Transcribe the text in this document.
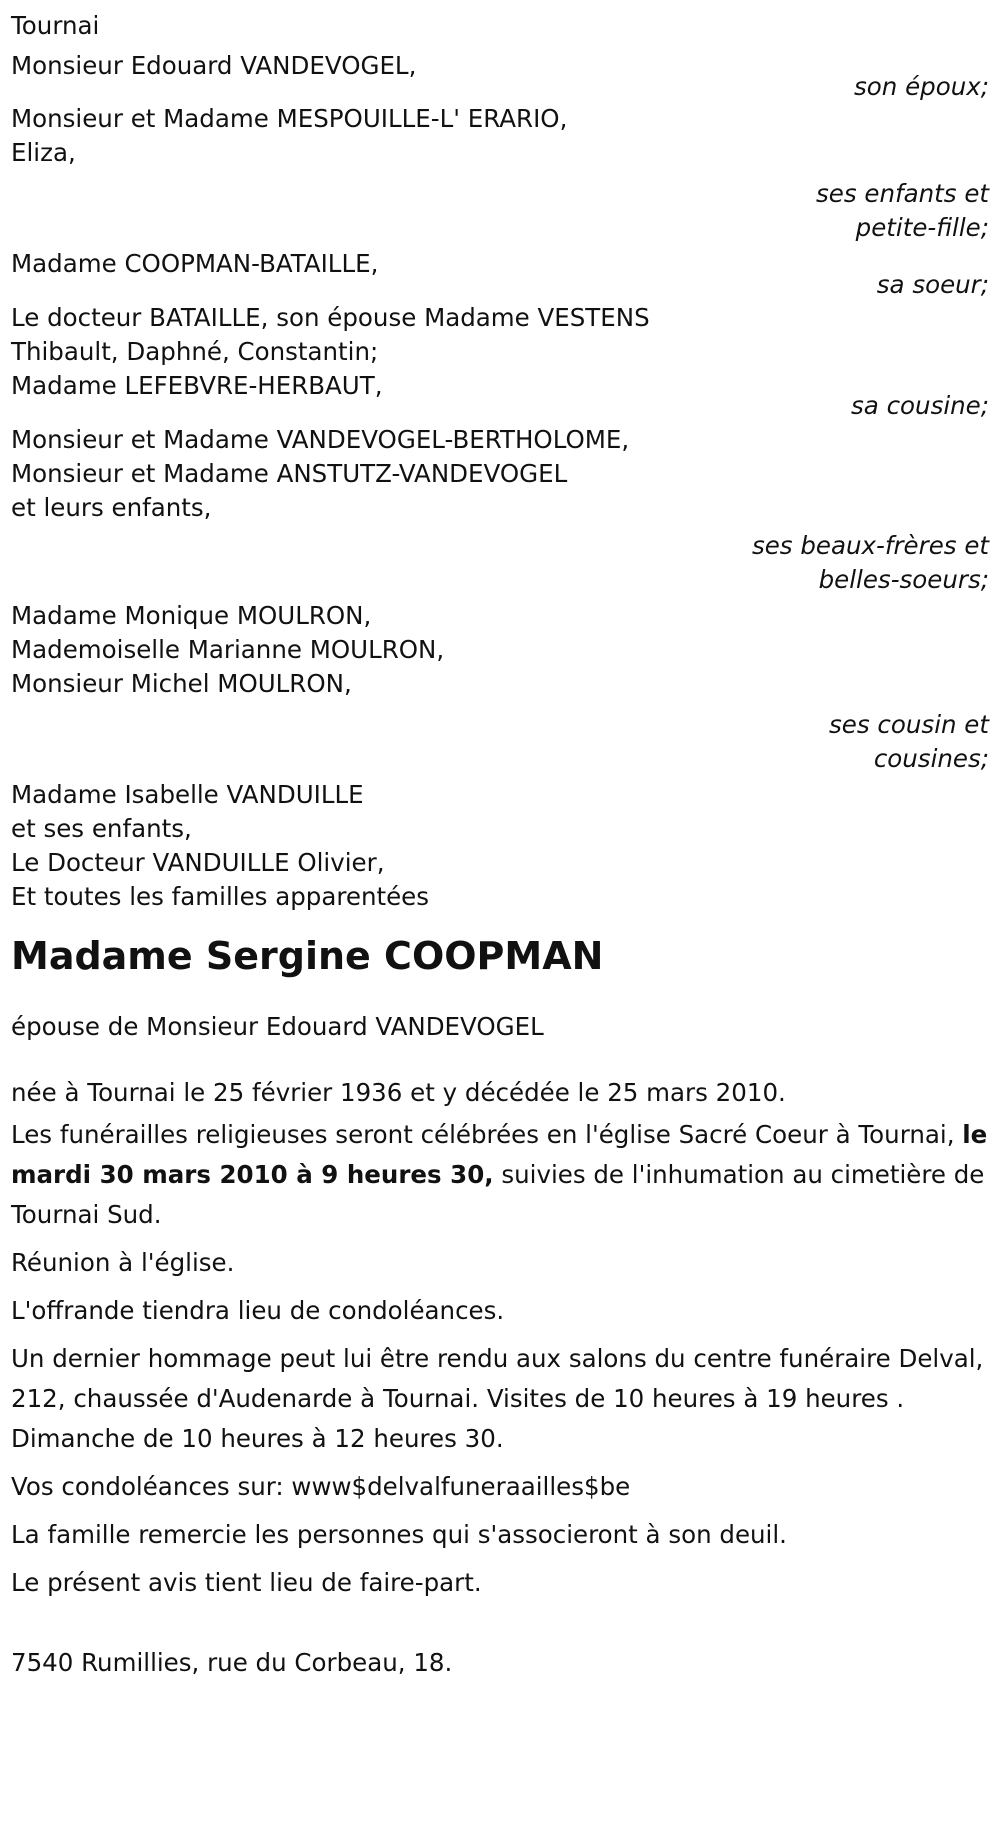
Tournai
Monsieur Edouard VANDEVOGEL,
son époux;
Monsieur et Madame MESPOUILLE-L' ERARIO,
Eliza,
ses enfants et
petite-fille;
Madame COOPMAN-BATAILLE,
sa soeur;
Le docteur BATAILLE, son épouse Madame VESTENS
Thibault, Daphné, Constantin;
Madame LEFEBVRE-HERBAUT,
sa cousine;
Monsieur et Madame VANDEVOGEL-BERTHOLOME,
Monsieur et Madame ANSTUTZ-VANDEVOGEL
et leurs enfants,
ses beaux-frères et
belles-soeurs;
Madame Monique MOULRON,
Mademoiselle Marianne MOULRON,
Monsieur Michel MOULRON,
ses cousin et
cousines;
Madame Isabelle VANDUILLE
et ses enfants,
Le Docteur VANDUILLE Olivier,
Et toutes les familles apparentées
Madame Sergine COOPMAN
épouse de Monsieur Edouard VANDEVOGEL
née à Tournai le 25 février 1936 et y décédée le 25 mars 2010.
Les funérailles religieuses seront célébrées en l'église Sacré Coeur à Tournai, le mardi 30 mars 2010 à 9 heures 30, suivies de l'inhumation au cimetière de Tournai Sud.
Réunion à l'église.
L'offrande tiendra lieu de condoléances.
Un dernier hommage peut lui être rendu aux salons du centre funéraire Delval, 212, chaussée d'Audenarde à Tournai. Visites de 10 heures à 19 heures . Dimanche de 10 heures à 12 heures 30.
Vos condoléances sur: www$delvalfuneraailles$be
La famille remercie les personnes qui s'associeront à son deuil.
Le présent avis tient lieu de faire-part.
7540 Rumillies, rue du Corbeau, 18.
